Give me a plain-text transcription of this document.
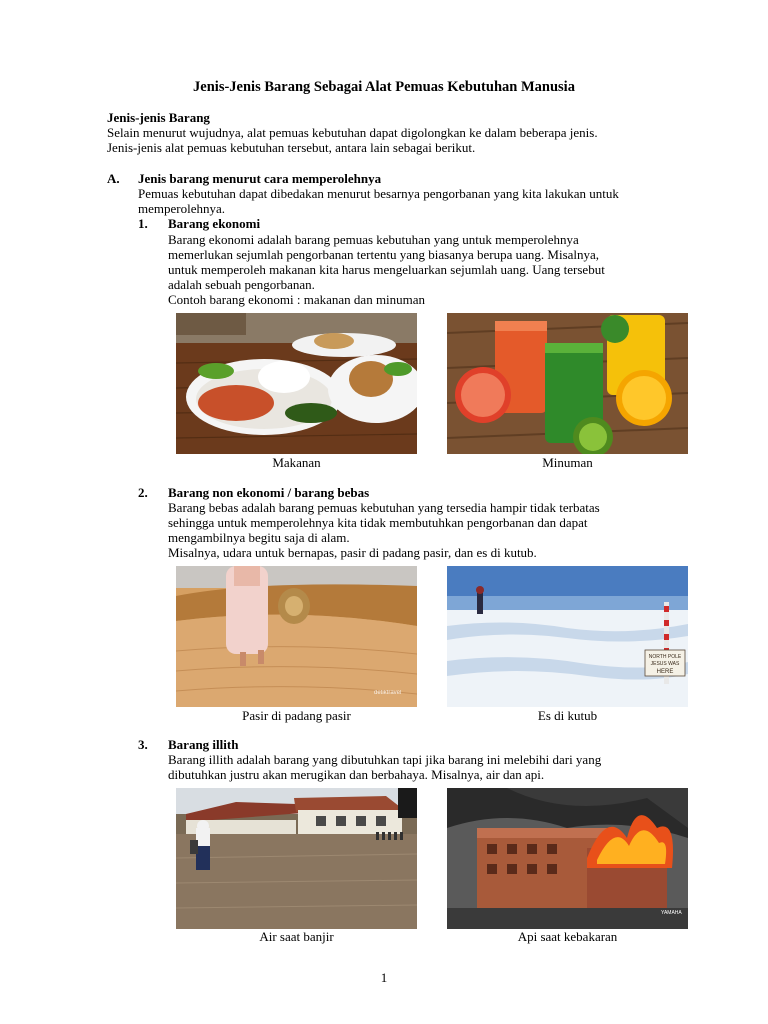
Jenis-Jenis Barang Sebagai Alat Pemuas Kebutuhan Manusia
Jenis-jenis Barang
Selain menurut wujudnya, alat pemuas kebutuhan dapat digolongkan ke dalam beberapa jenis.
Jenis-jenis alat pemuas kebutuhan tersebut, antara lain sebagai berikut.
A. Jenis barang menurut cara memperolehnya
Pemuas kebutuhan dapat dibedakan menurut besarnya pengorbanan yang kita lakukan untuk
memperolehnya.
1. Barang ekonomi
Barang ekonomi adalah barang pemuas kebutuhan yang untuk memperolehnya
memerlukan sejumlah pengorbanan tertentu yang biasanya berupa uang. Misalnya,
untuk memperoleh makanan kita harus mengeluarkan sejumlah uang. Uang tersebut
adalah sebuah pengorbanan.
Contoh barang ekonomi : makanan dan minuman
Makanan	Minuman
2. Barang non ekonomi / barang bebas
Barang bebas adalah barang pemuas kebutuhan yang tersedia hampir tidak terbatas
sehingga untuk memperolehnya kita tidak membutuhkan pengorbanan dan dapat
mengambilnya begitu saja di alam.
Misalnya, udara untuk bernapas, pasir di padang pasir, dan es di kutub.
detiktravel
NORTH POLE
JESUS WAS
HERE
Pasir di padang pasir	Es di kutub
3. Barang illith
Barang illith adalah barang yang dibutuhkan tapi jika barang ini melebihi dari yang
dibutuhkan justru akan merugikan dan berbahaya. Misalnya, air dan api.
YAMAHA
Air saat banjir	Api saat kebakaran
1
